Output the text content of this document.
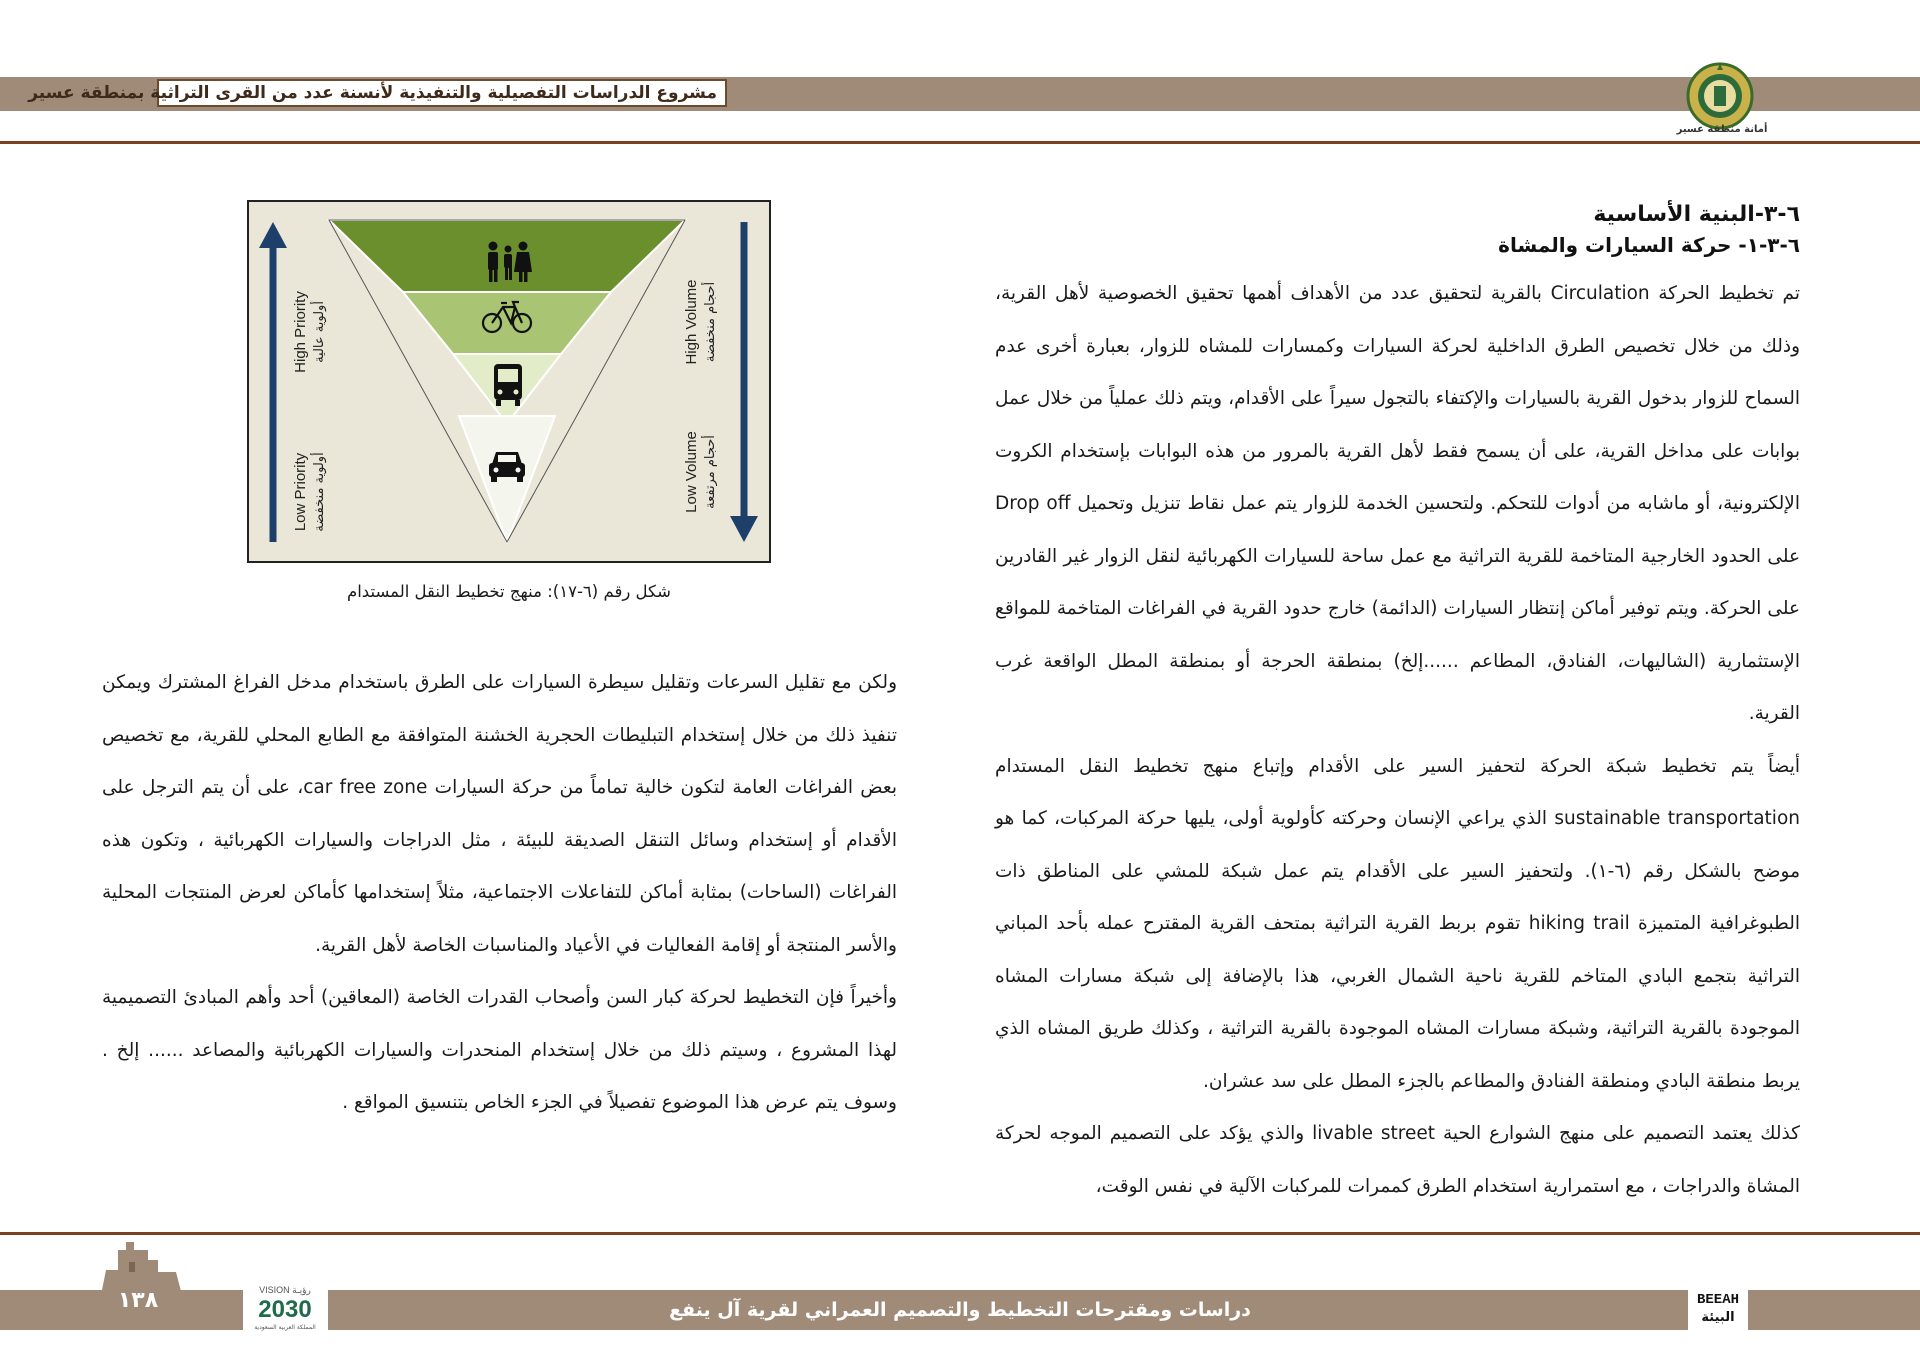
مشروع الدراسات التفصيلية والتنفيذية لأنسنة عدد من القرى التراثية بمنطقة عسير
أمانة منطقة عسير

٦-٣-البنية الأساسية

٦-٣-١- حركة السيارات والمشاة

تم تخطيط الحركة Circulation بالقرية لتحقيق عدد من الأهداف أهمها تحقيق الخصوصية لأهل القرية، وذلك من خلال تخصيص الطرق الداخلية لحركة السيارات وكمسارات للمشاه للزوار، بعبارة أخرى عدم السماح للزوار بدخول القرية بالسيارات والإكتفاء بالتجول سيراً على الأقدام، ويتم ذلك عملياً من خلال عمل بوابات على مداخل القرية، على أن يسمح فقط لأهل القرية بالمرور من هذه البوابات بإستخدام الكروت الإلكترونية، أو ماشابه من أدوات للتحكم. ولتحسين الخدمة للزوار يتم عمل نقاط تنزيل وتحميل Drop off على الحدود الخارجية المتاخمة للقرية التراثية مع عمل ساحة للسيارات الكهربائية لنقل الزوار غير القادرين على الحركة. ويتم توفير أماكن إنتظار السيارات (الدائمة) خارج حدود القرية في الفراغات المتاخمة للمواقع الإستثمارية (الشاليهات، الفنادق، المطاعم ......إلخ) بمنطقة الحرجة أو بمنطقة المطل الواقعة غرب القرية.

أيضاً يتم تخطيط شبكة الحركة لتحفيز السير على الأقدام وإتباع منهج تخطيط النقل المستدام sustainable transportation الذي يراعي الإنسان وحركته كأولوية أولى، يليها حركة المركبات، كما هو موضح بالشكل رقم (٦-١). ولتحفيز السير على الأقدام يتم عمل شبكة للمشي على المناطق ذات الطبوغرافية المتميزة hiking trail تقوم بربط القرية التراثية بمتحف القرية المقترح عمله بأحد المباني التراثية بتجمع البادي المتاخم للقرية ناحية الشمال الغربي، هذا بالإضافة إلى شبكة مسارات المشاه الموجودة بالقرية التراثية، وشبكة مسارات المشاه الموجودة بالقرية التراثية ، وكذلك طريق المشاه الذي يربط منطقة البادي ومنطقة الفنادق والمطاعم بالجزء المطل على سد عشران.

كذلك يعتمد التصميم على منهج الشوارع الحية livable street والذي يؤكد على التصميم الموجه لحركة المشاة والدراجات ، مع استمرارية استخدام الطرق كممرات للمركبات الآلية في نفس الوقت،

High Priority أولوية عالية
Low Priority أولوية منخفضة
High Volume أحجام منخفضة
Low Volume أحجام مرتفعة
شكل رقم (٦-١٧): منهج تخطيط النقل المستدام

ولكن مع تقليل السرعات وتقليل سيطرة السيارات على الطرق باستخدام مدخل الفراغ المشترك ويمكن تنفيذ ذلك من خلال إستخدام التبليطات الحجرية الخشنة المتوافقة مع الطابع المحلي للقرية، مع تخصيص بعض الفراغات العامة لتكون خالية تماماً من حركة السيارات car free zone، على أن يتم الترجل على الأقدام أو إستخدام وسائل التنقل الصديقة للبيئة ، مثل الدراجات والسيارات الكهربائية ، وتكون هذه الفراغات (الساحات) بمثابة أماكن للتفاعلات الاجتماعية، مثلاً إستخدامها كأماكن لعرض المنتجات المحلية والأسر المنتجة أو إقامة الفعاليات في الأعياد والمناسبات الخاصة لأهل القرية.

وأخيراً فإن التخطيط لحركة كبار السن وأصحاب القدرات الخاصة (المعاقين) أحد وأهم المبادئ التصميمية لهذا المشروع ، وسيتم ذلك من خلال إستخدام المنحدرات والسيارات الكهربائية والمصاعد ...... إلخ . وسوف يتم عرض هذا الموضوع تفصيلاً في الجزء الخاص بتنسيق المواقع .

١٣٨	دراسات ومقترحات التخطيط والتصميم العمراني لقرية آل ينفع
VISION رؤيـة
2030
المملكة العربية السعودية
BEEAH
البيئة
